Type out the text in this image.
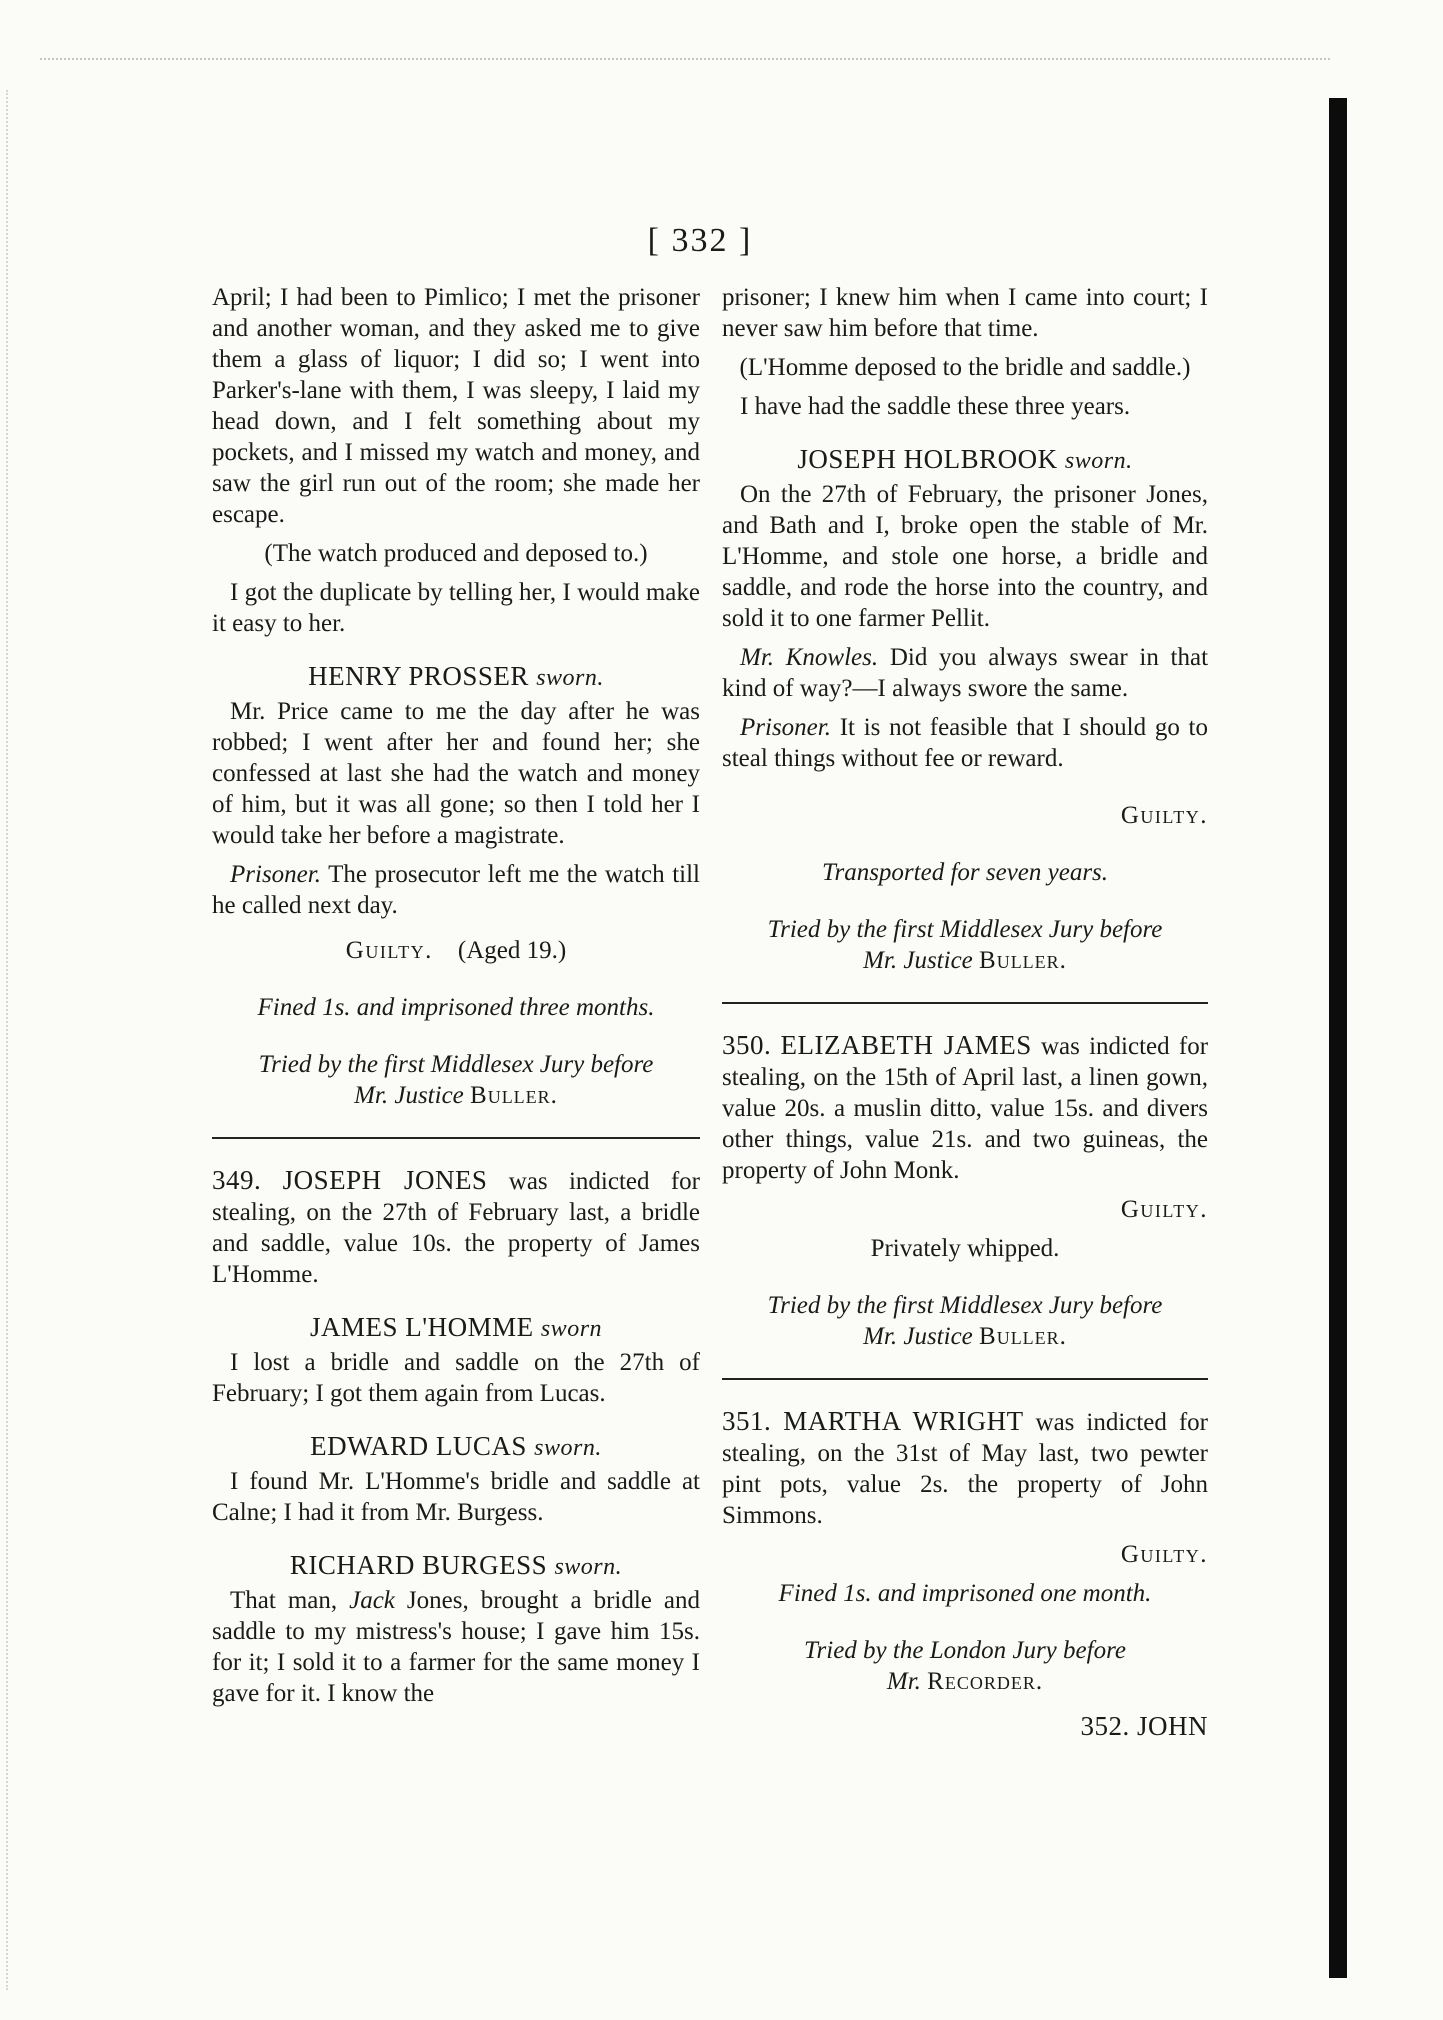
[ 332 ]

April; I had been to Pimlico; I met the prisoner and another woman, and they asked me to give them a glass of liquor; I did so; I went into Parker's-lane with them, I was sleepy, I laid my head down, and I felt something about my pockets, and I missed my watch and money, and saw the girl run out of the room; she made her escape.

(The watch produced and deposed to.)

I got the duplicate by telling her, I would make it easy to her.

HENRY PROSSER sworn.

Mr. Price came to me the day after he was robbed; I went after her and found her; she confessed at last she had the watch and money of him, but it was all gone; so then I told her I would take her before a magistrate.

Prisoner. The prosecutor left me the watch till he called next day.

Guilty. (Aged 19.)

Fined 1s. and imprisoned three months.

Tried by the first Middlesex Jury before

Mr. Justice Buller.

349. JOSEPH JONES was indicted for stealing, on the 27th of February last, a bridle and saddle, value 10s. the property of James L'Homme.

JAMES L'HOMME sworn

I lost a bridle and saddle on the 27th of February; I got them again from Lucas.

EDWARD LUCAS sworn.

I found Mr. L'Homme's bridle and saddle at Calne; I had it from Mr. Burgess.

RICHARD BURGESS sworn.

That man, Jack Jones, brought a bridle and saddle to my mistress's house; I gave him 15s. for it; I sold it to a farmer for the same money I gave for it. I know the

prisoner; I knew him when I came into court; I never saw him before that time.

(L'Homme deposed to the bridle and saddle.)

I have had the saddle these three years.

JOSEPH HOLBROOK sworn.

On the 27th of February, the prisoner Jones, and Bath and I, broke open the stable of Mr. L'Homme, and stole one horse, a bridle and saddle, and rode the horse into the country, and sold it to one farmer Pellit.

Mr. Knowles. Did you always swear in that kind of way?—I always swore the same.

Prisoner. It is not feasible that I should go to steal things without fee or reward.

Guilty.

Transported for seven years.

Tried by the first Middlesex Jury before

Mr. Justice Buller.

350. ELIZABETH JAMES was indicted for stealing, on the 15th of April last, a linen gown, value 20s. a muslin ditto, value 15s. and divers other things, value 21s. and two guineas, the property of John Monk.

Guilty.

Privately whipped.

Tried by the first Middlesex Jury before

Mr. Justice Buller.

351. MARTHA WRIGHT was indicted for stealing, on the 31st of May last, two pewter pint pots, value 2s. the property of John Simmons.

Guilty.

Fined 1s. and imprisoned one month.

Tried by the London Jury before

Mr. Recorder.

352. JOHN
